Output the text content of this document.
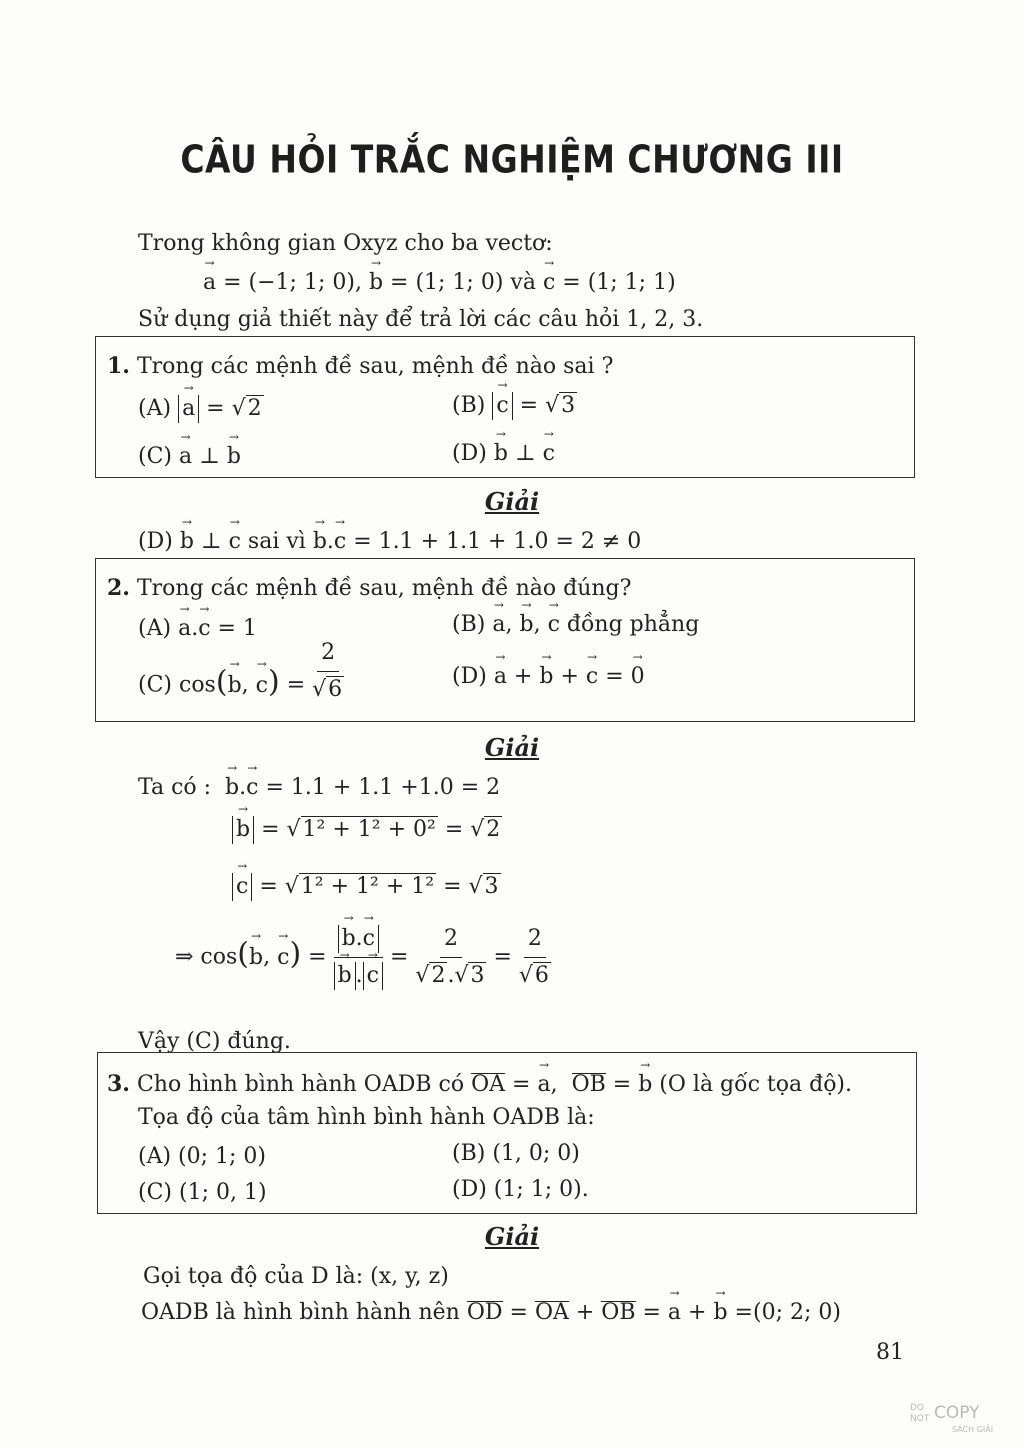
CÂU HỎI TRẮC NGHIỆM CHƯƠNG III
Trong không gian Oxyz cho ba vectơ:
→ a = (−1; 1; 0), → b = (1; 1; 0) và → c = (1; 1; 1)
Sử dụng giả thiết này để trả lời các câu hỏi 1, 2, 3.
1. Trong các mệnh đề sau, mệnh đề nào sai ?
(A) → a = √2	(B) → c = √3
(C) → a ⊥ → b	(D) → b ⊥ → c
Giải
(D) → b ⊥ → c sai vì → b.→ c = 1.1 + 1.1 + 1.0 = 2 ≠ 0
2. Trong các mệnh đề sau, mệnh đề nào đúng?
(A) → a.→ c = 1	(B) → a, → b, → c đồng phẳng
(C) cos(→ b, → $c) = \frac{2}{√6}$	(D) → a + → b + → c = → 0
Giải
Ta có : → b.→ c = 1.1 + 1.1 +1.0 = 2
→ b = √1² + 1² + 0² = √2
→ c = √1² + 1² + 1² = √3
⇒ cos(→ b, → c) = → b.→ c
→ b . → $c = \frac{2}{√2.√3} = \frac{2}{√6}$
Vậy (C) đúng.
3. Cho hình bình hành OADB có OA = → a,  OB = → b (O là gốc tọa độ).
Tọa độ của tâm hình bình hành OADB là:
(A) (0; 1; 0)	(B) (1, 0; 0)
(C) (1; 0, 1)	(D) (1; 1; 0).
Giải
Gọi tọa độ của D là: (x, y, z)
OADB là hình bình hành nên OD = OA + OB = → a + → b =(0; 2; 0)
81
DO
NOT COPY
SÁCH GIẢI
